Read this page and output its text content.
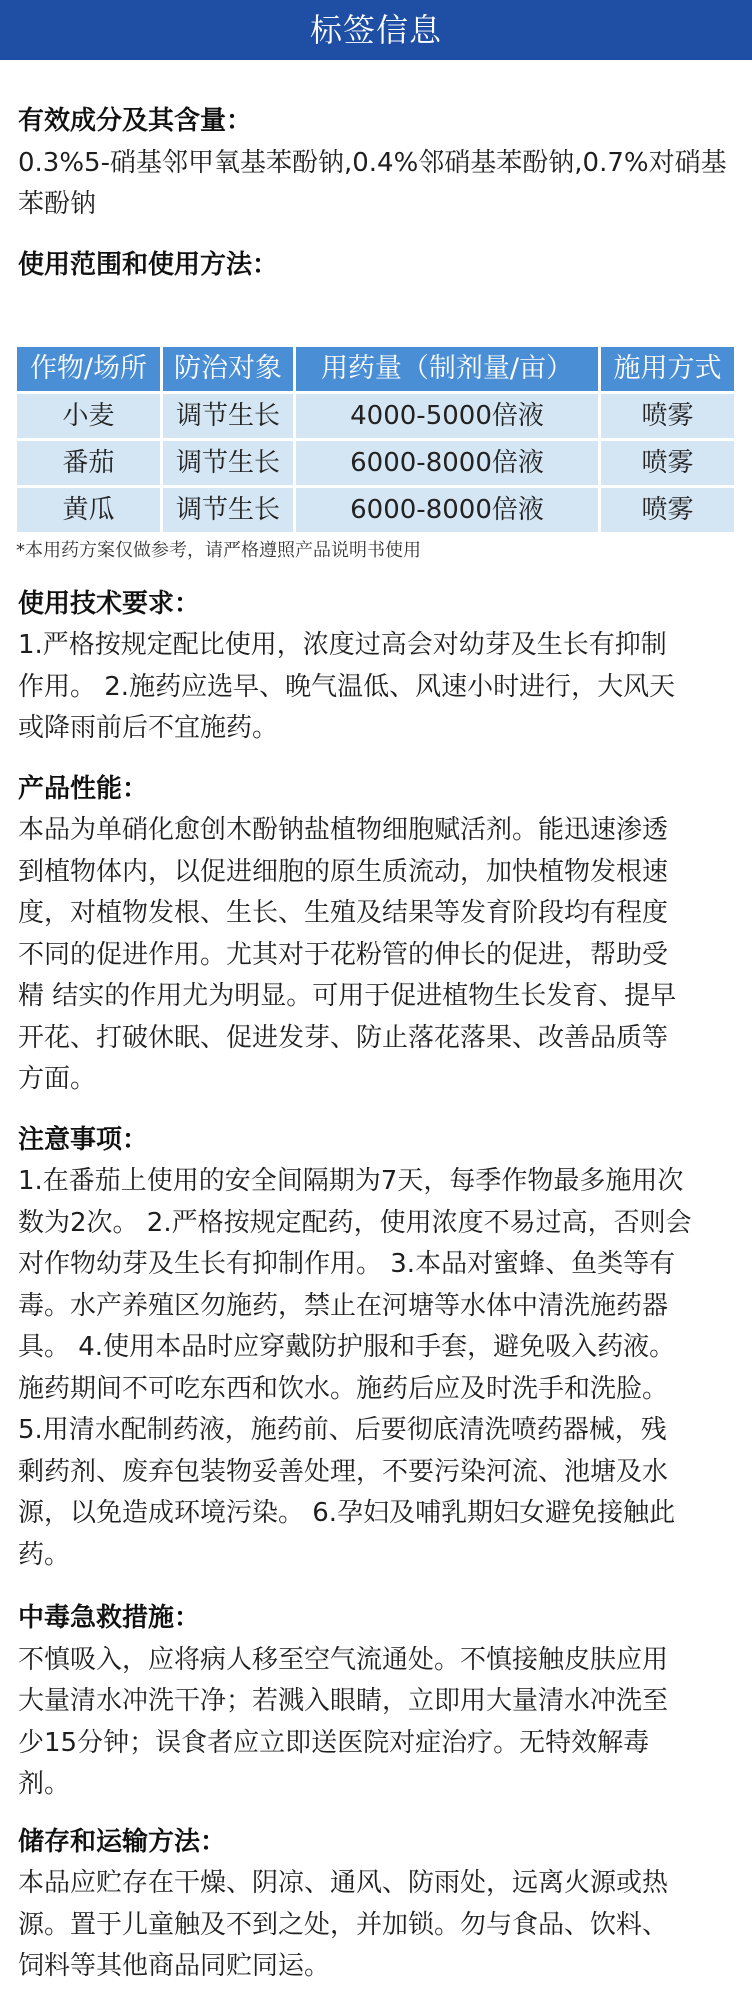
标签信息
有效成分及其含量：
0.3%5-硝基邻甲氧基苯酚钠,0.4%邻硝基苯酚钠,0.7%对硝基
苯酚钠
使用范围和使用方法：
作物/场所	防治对象	用药量（制剂量/亩）	施用方式
小麦	调节生长	4000-5000倍液	喷雾
番茄	调节生长	6000-8000倍液	喷雾
黄瓜	调节生长	6000-8000倍液	喷雾
*本用药方案仅做参考，请严格遵照产品说明书使用
使用技术要求：
1.严格按规定配比使用，浓度过高会对幼芽及生长有抑制
作用。 2.施药应选早、晚气温低、风速小时进行，大风天
或降雨前后不宜施药。
产品性能：
本品为单硝化愈创木酚钠盐植物细胞赋活剂。能迅速渗透
到植物体内，以促进细胞的原生质流动，加快植物发根速
度，对植物发根、生长、生殖及结果等发育阶段均有程度
不同的促进作用。尤其对于花粉管的伸长的促进，帮助受
精 结实的作用尤为明显。可用于促进植物生长发育、提早
开花、打破休眠、促进发芽、防止落花落果、改善品质等
方面。
注意事项：
1.在番茄上使用的安全间隔期为7天，每季作物最多施用次
数为2次。 2.严格按规定配药，使用浓度不易过高，否则会
对作物幼芽及生长有抑制作用。 3.本品对蜜蜂、鱼类等有
毒。水产养殖区勿施药，禁止在河塘等水体中清洗施药器
具。 4.使用本品时应穿戴防护服和手套，避免吸入药液。
施药期间不可吃东西和饮水。施药后应及时洗手和洗脸。
5.用清水配制药液，施药前、后要彻底清洗喷药器械，残
剩药剂、废弃包装物妥善处理，不要污染河流、池塘及水
源，以免造成环境污染。 6.孕妇及哺乳期妇女避免接触此
药。
中毒急救措施：
不慎吸入，应将病人移至空气流通处。不慎接触皮肤应用
大量清水冲洗干净；若溅入眼睛，立即用大量清水冲洗至
少15分钟；误食者应立即送医院对症治疗。无特效解毒
剂。
储存和运输方法：
本品应贮存在干燥、阴凉、通风、防雨处，远离火源或热
源。置于儿童触及不到之处，并加锁。勿与食品、饮料、
饲料等其他商品同贮同运。
